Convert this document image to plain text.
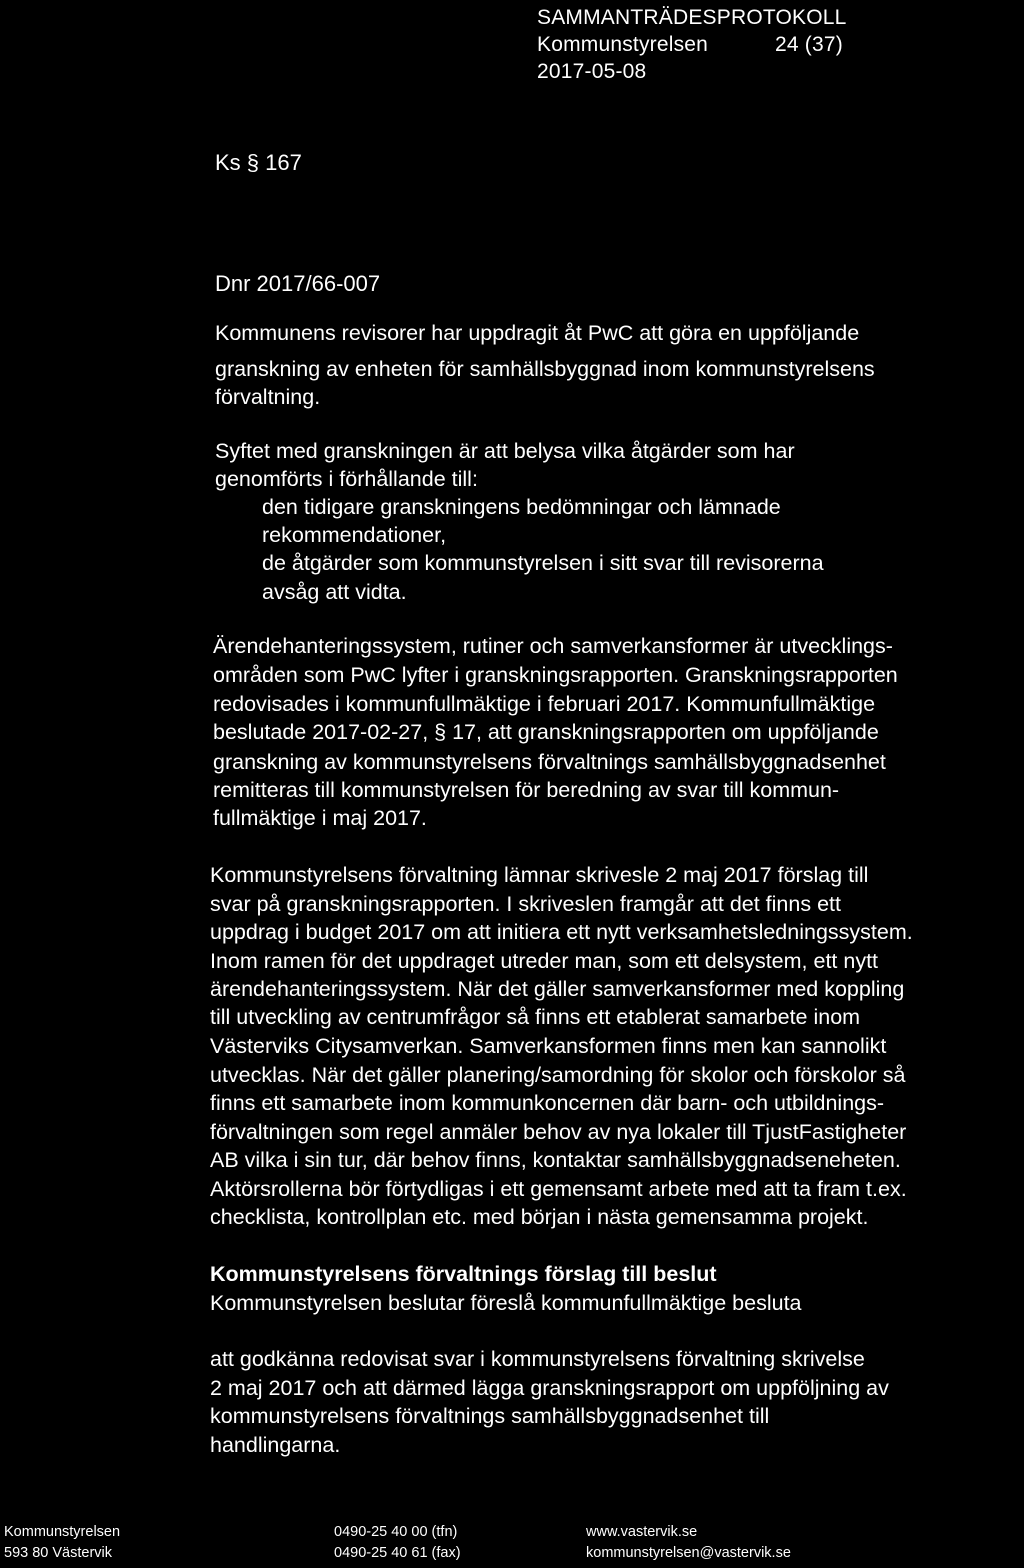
SAMMANTRÄDESPROTOKOLL
Kommunstyrelsen	24 (37)
2017-05-08
Ks § 167
Dnr 2017/66-007
Kommunens revisorer har uppdragit åt PwC att göra en uppföljande
granskning av enheten för samhällsbyggnad inom kommunstyrelsens
förvaltning.
Syftet med granskningen är att belysa vilka åtgärder som har
genomförts i förhållande till:
den tidigare granskningens bedömningar och lämnade
rekommendationer,
de åtgärder som kommunstyrelsen i sitt svar till revisorerna
avsåg att vidta.
Ärendehanteringssystem, rutiner och samverkansformer är utvecklings-
områden som PwC lyfter i granskningsrapporten. Granskningsrapporten
redovisades i kommunfullmäktige i februari 2017. Kommunfullmäktige
beslutade 2017-02-27, § 17, att granskningsrapporten om uppföljande
granskning av kommunstyrelsens förvaltnings samhällsbyggnadsenhet
remitteras till kommunstyrelsen för beredning av svar till kommun-
fullmäktige i maj 2017.
Kommunstyrelsens förvaltning lämnar skrivesle 2 maj 2017 förslag till
svar på granskningsrapporten. I skriveslen framgår att det finns ett
uppdrag i budget 2017 om att initiera ett nytt verksamhetsledningssystem.
Inom ramen för det uppdraget utreder man, som ett delsystem, ett nytt
ärendehanteringssystem. När det gäller samverkansformer med koppling
till utveckling av centrumfrågor så finns ett etablerat samarbete inom
Västerviks Citysamverkan. Samverkansformen finns men kan sannolikt
utvecklas. När det gäller planering/samordning för skolor och förskolor så
finns ett samarbete inom kommunkoncernen där barn- och utbildnings-
förvaltningen som regel anmäler behov av nya lokaler till TjustFastigheter
AB vilka i sin tur, där behov finns, kontaktar samhällsbyggnadseneheten.
Aktörsrollerna bör förtydligas i ett gemensamt arbete med att ta fram t.ex.
checklista, kontrollplan etc. med början i nästa gemensamma projekt.
Kommunstyrelsens förvaltnings förslag till beslut
Kommunstyrelsen beslutar föreslå kommunfullmäktige besluta
att godkänna redovisat svar i kommunstyrelsens förvaltning skrivelse
2 maj 2017 och att därmed lägga granskningsrapport om uppföljning av
kommunstyrelsens förvaltnings samhällsbyggnadsenhet till
handlingarna.
Kommunstyrelsen
593 80 Västervik
0490-25 40 00 (tfn)
0490-25 40 61 (fax)
www.vastervik.se
kommunstyrelsen@vastervik.se
